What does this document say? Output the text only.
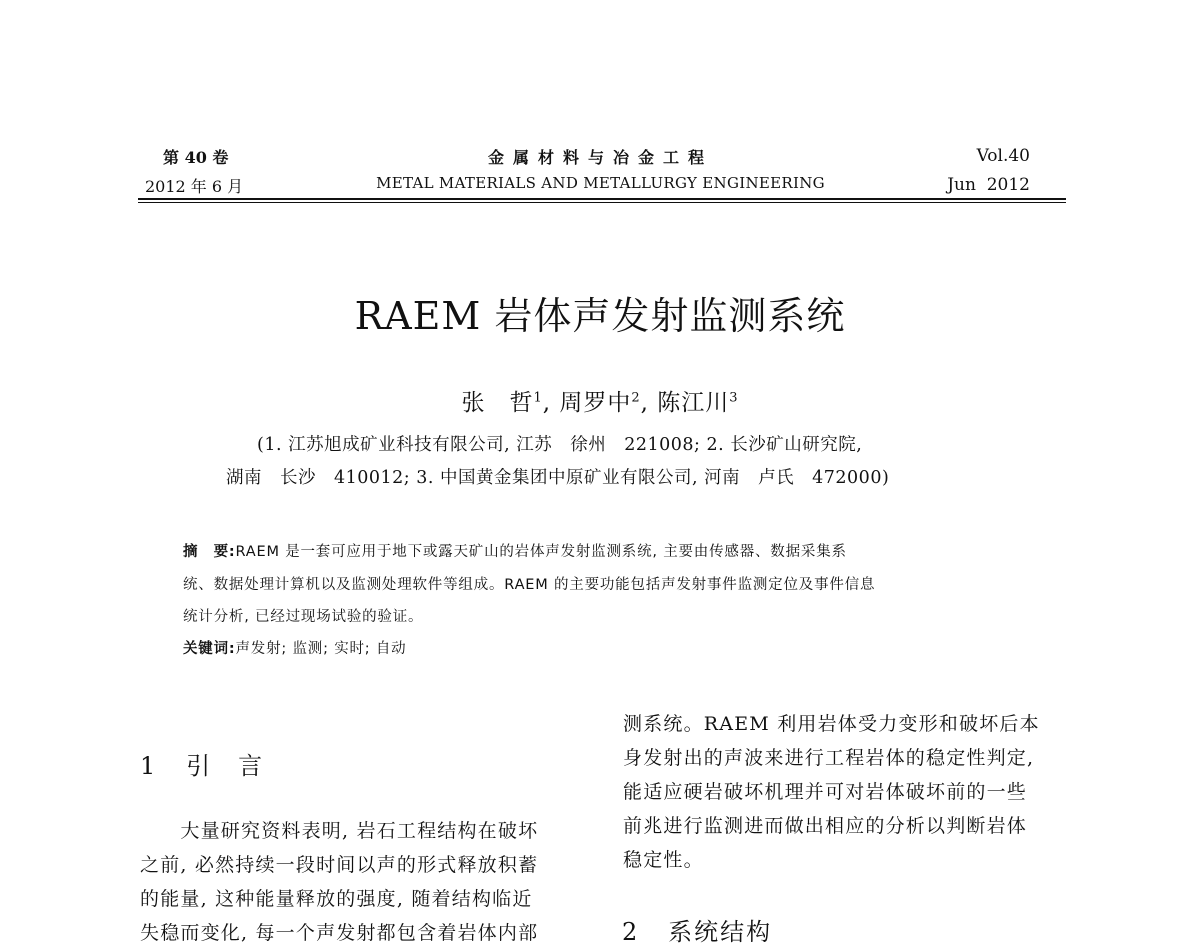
第 40 卷
2012 年 6 月
金属材料与冶金工程
METAL MATERIALS AND METALLURGY ENGINEERING
Vol.40
Jun  2012
RAEM 岩体声发射监测系统
张　哲$^1$, 周罗中$^2$, 陈江川$^3$
(1. 江苏旭成矿业科技有限公司, 江苏　徐州　221008; 2. 长沙矿山研究院,
湖南　长沙　410012; 3. 中国黄金集团中原矿业有限公司, 河南　卢氏　472000)
摘　要:RAEM 是一套可应用于地下或露天矿山的岩体声发射监测系统, 主要由传感器、数据采集系
统、数据处理计算机以及监测处理软件等组成。RAEM 的主要功能包括声发射事件监测定位及事件信息
统计分析, 已经过现场试验的验证。
关键词:声发射; 监测; 实时; 自动
1 引　言
2 系统结构
　　大量研究资料表明, 岩石工程结构在破坏
之前, 必然持续一段时间以声的形式释放积蓄
的能量, 这种能量释放的强度, 随着结构临近
失稳而变化, 每一个声发射都包含着岩体内部
测系统。RAEM 利用岩体受力变形和破坏后本
身发射出的声波来进行工程岩体的稳定性判定,
能适应硬岩破坏机理并可对岩体破坏前的一些
前兆进行监测进而做出相应的分析以判断岩体
稳定性。
